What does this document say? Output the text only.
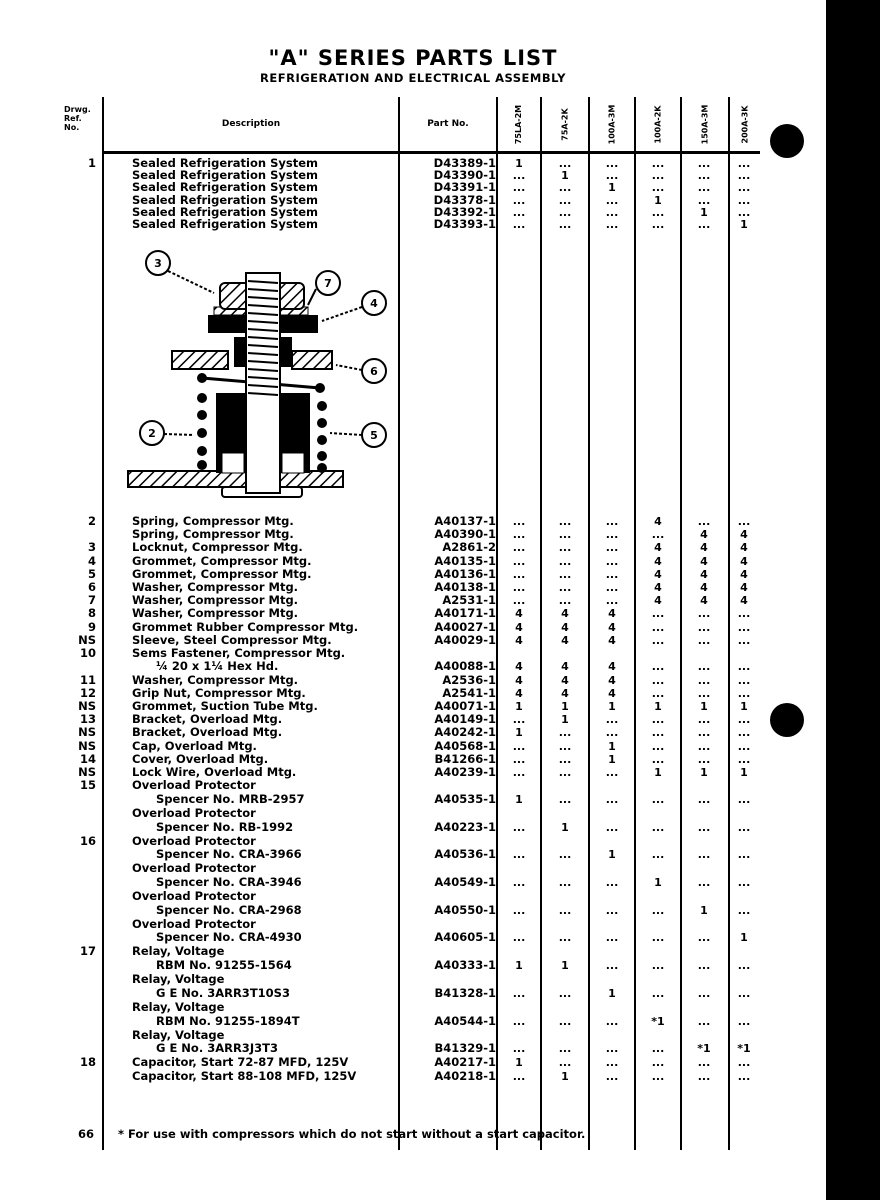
"A" SERIES PARTS LIST
REFRIGERATION AND ELECTRICAL ASSEMBLY
Drwg. Ref. No.	Description	Part No.	75LA-2M	75A-2K	100A-3M	100A-2K	150A-3M	200A-3K
1	Sealed Refrigeration System	D43389-1	1	...	...	...	...	...
Sealed Refrigeration System	D43390-1	...	1	...	...	...	...
Sealed Refrigeration System	D43391-1	...	...	1	...	...	...
Sealed Refrigeration System	D43378-1	...	...	...	1	...	...
Sealed Refrigeration System	D43392-1	...	...	...	...	1	...
Sealed Refrigeration System	D43393-1	...	...	...	...	...	1
2	Spring, Compressor Mtg.	A40137-1	...	...	...	4	...	...
Spring, Compressor Mtg.	A40390-1	...	...	...	...	4	4
3	Locknut, Compressor Mtg.	A2861-2	...	...	...	4	4	4
4	Grommet, Compressor Mtg.	A40135-1	...	...	...	4	4	4
5	Grommet, Compressor Mtg.	A40136-1	...	...	...	4	4	4
6	Washer, Compressor Mtg.	A40138-1	...	...	...	4	4	4
7	Washer, Compressor Mtg.	A2531-1	...	...	...	4	4	4
8	Washer, Compressor Mtg.	A40171-1	4	4	4	...	...	...
9	Grommet Rubber Compressor Mtg.	A40027-1	4	4	4	...	...	...
NS	Sleeve, Steel Compressor Mtg.	A40029-1	4	4	4	...	...	...
10	Sems Fastener, Compressor Mtg.
¼ 20 x 1¼ Hex Hd.	A40088-1	4	4	4	...	...	...
11	Washer, Compressor Mtg.	A2536-1	4	4	4	...	...	...
12	Grip Nut, Compressor Mtg.	A2541-1	4	4	4	...	...	...
NS	Grommet, Suction Tube Mtg.	A40071-1	1	1	1	1	1	1
13	Bracket, Overload Mtg.	A40149-1	...	1	...	...	...	...
NS	Bracket, Overload Mtg.	A40242-1	1	...	...	...	...	...
NS	Cap, Overload Mtg.	A40568-1	...	...	1	...	...	...
14	Cover, Overload Mtg.	B41266-1	...	...	1	...	...	...
NS	Lock Wire, Overload Mtg.	A40239-1	...	...	...	1	1	1
15	Overload Protector
Spencer No. MRB-2957	A40535-1	1	...	...	...	...	...
Overload Protector
Spencer No. RB-1992	A40223-1	...	1	...	...	...	...
16	Overload Protector
Spencer No. CRA-3966	A40536-1	...	...	1	...	...	...
Overload Protector
Spencer No. CRA-3946	A40549-1	...	...	...	1	...	...
Overload Protector
Spencer No. CRA-2968	A40550-1	...	...	...	...	1	...
Overload Protector
Spencer No. CRA-4930	A40605-1	...	...	...	...	...	1
17	Relay, Voltage
RBM No. 91255-1564	A40333-1	1	1	...	...	...	...
Relay, Voltage
G E No. 3ARR3T10S3	B41328-1	...	...	1	...	...	...
Relay, Voltage
RBM No. 91255-1894T	A40544-1	...	...	...	*1	...	...
Relay, Voltage
G E No. 3ARR3J3T3	B41329-1	...	...	...	...	*1	*1
18	Capacitor, Start 72-87 MFD, 125V	A40217-1	1	...	...	...	...	...
Capacitor, Start 88-108 MFD, 125V	A40218-1	...	1	...	...	...	...
3
7
4
6
2	5
66 * For use with compressors which do not start without a start capacitor.
